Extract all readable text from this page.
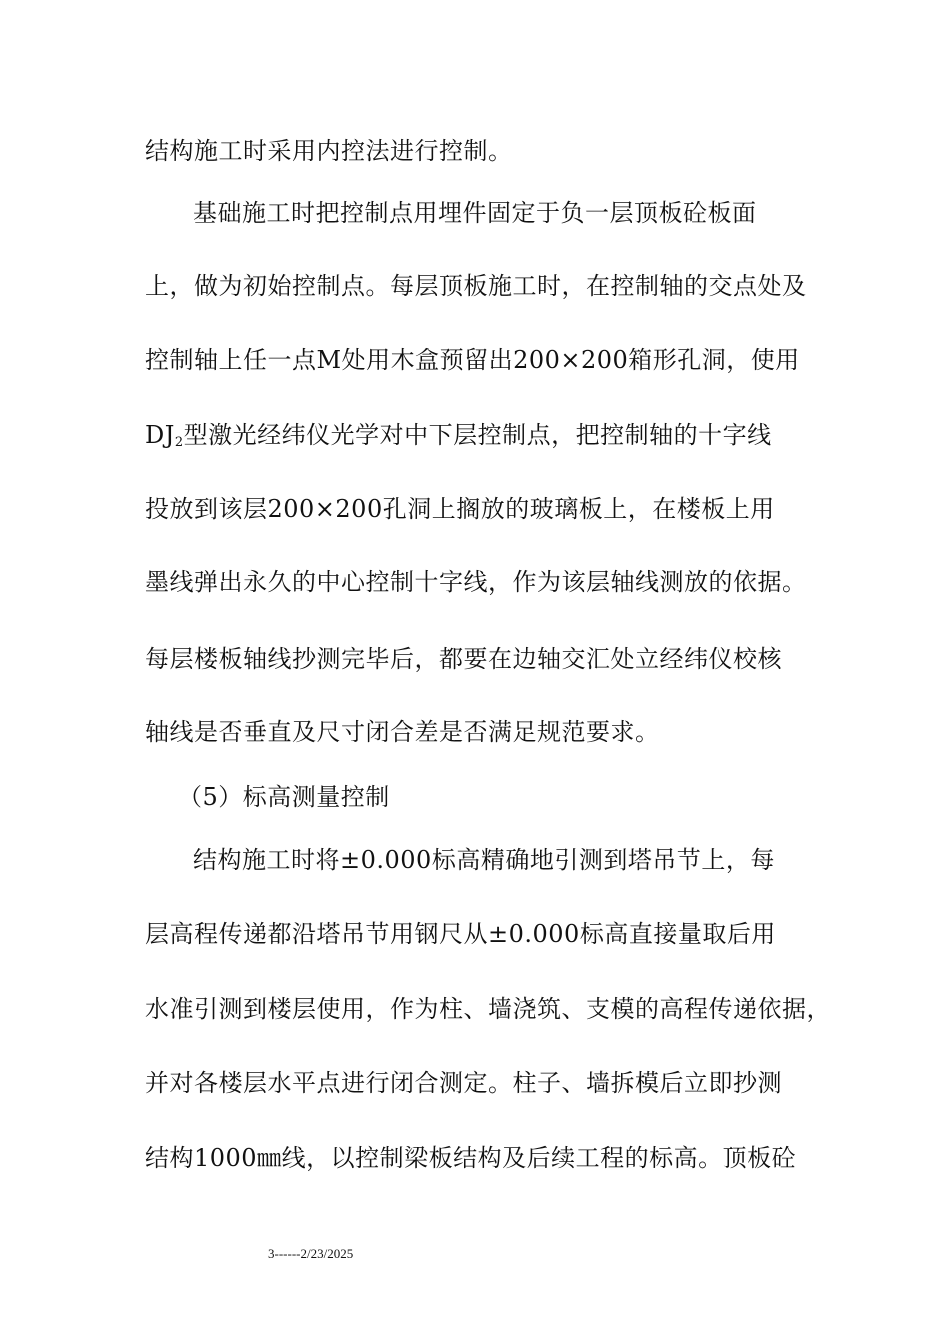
结构施工时采用内控法进行控制。
基础施工时把控制点用埋件固定于负一层顶板砼板面
上，做为初始控制点。每层顶板施工时，在控制轴的交点处及
控制轴上任一点M处用木盒预留出200×200箱形孔洞，使用
$DJ_2$型激光经纬仪光学对中下层控制点，把控制轴的十字线
投放到该层200×200孔洞上搁放的玻璃板上，在楼板上用
墨线弹出永久的中心控制十字线，作为该层轴线测放的依据。
每层楼板轴线抄测完毕后，都要在边轴交汇处立经纬仪校核
轴线是否垂直及尺寸闭合差是否满足规范要求。
（5）标高测量控制
结构施工时将±0.000标高精确地引测到塔吊节上，每
层高程传递都沿塔吊节用钢尺从±0.000标高直接量取后用
水准引测到楼层使用，作为柱、墙浇筑、支模的高程传递依据，
并对各楼层水平点进行闭合测定。柱子、墙拆模后立即抄测
结构1000㎜线，以控制梁板结构及后续工程的标高。顶板砼
3------2/23/2025
